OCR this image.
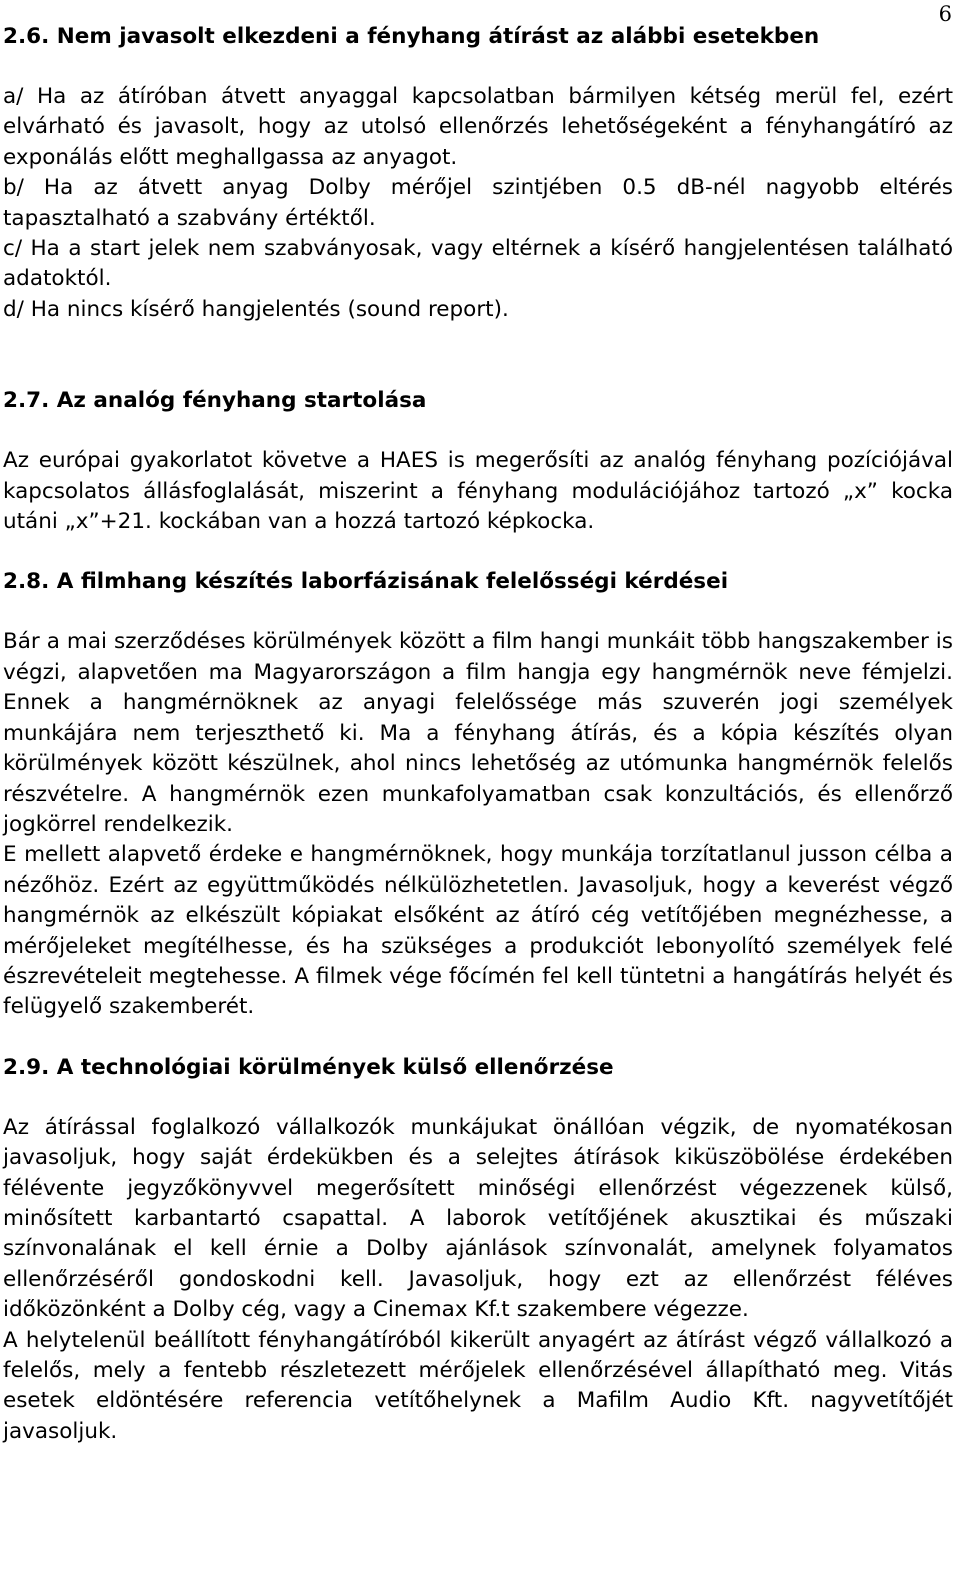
6
2.6. Nem javasolt elkezdeni a fényhang átírást az alábbi esetekben

a/ Ha az átíróban átvett anyaggal kapcsolatban bármilyen kétség merül fel, ezért elvárható és javasolt, hogy az utolsó ellenőrzés lehetőségeként a fényhangátíró az exponálás előtt meghallgassa az anyagot.

b/ Ha az átvett anyag Dolby mérőjel szintjében 0.5 dB-nél nagyobb eltérés tapasztalható a szabvány értéktől.

c/ Ha a start jelek nem szabványosak, vagy eltérnek a kísérő hangjelentésen található adatoktól.

d/ Ha nincs kísérő hangjelentés (sound report).

2.7. Az analóg fényhang startolása

Az európai gyakorlatot követve a HAES is megerősíti az analóg fényhang pozíciójával kapcsolatos állásfoglalását, miszerint a fényhang modulációjához tartozó „x” kocka utáni „x”+21. kockában van a hozzá tartozó képkocka.

2.8. A filmhang készítés laborfázisának felelősségi kérdései

Bár a mai szerződéses körülmények között a film hangi munkáit több hangszakember is végzi, alapvetően ma Magyarországon a film hangja egy hangmérnök neve fémjelzi. Ennek a hangmérnöknek az anyagi felelőssége más szuverén jogi személyek munkájára nem terjeszthető ki. Ma a fényhang átírás, és a kópia készítés olyan körülmények között készülnek, ahol nincs lehetőség az utómunka hangmérnök felelős részvételre. A hangmérnök ezen munkafolyamatban csak konzultációs, és ellenőrző jogkörrel rendelkezik.

E mellett alapvető érdeke e hangmérnöknek, hogy munkája torzítatlanul jusson célba a nézőhöz. Ezért az együttműködés nélkülözhetetlen. Javasoljuk, hogy a keverést végző hangmérnök az elkészült kópiakat elsőként az átíró cég vetítőjében megnézhesse, a mérőjeleket megítélhesse, és ha szükséges a produkciót lebonyolító személyek felé észrevételeit megtehesse. A filmek vége főcímén fel kell tüntetni a hangátírás helyét és felügyelő szakemberét.

2.9. A technológiai körülmények külső ellenőrzése

Az átírással foglalkozó vállalkozók munkájukat önállóan végzik, de nyomatékosan javasoljuk, hogy saját érdekükben és a selejtes átírások kiküszöbölése érdekében félévente jegyzőkönyvvel megerősített minőségi ellenőrzést végezzenek külső, minősített karbantartó csapattal. A laborok vetítőjének akusztikai és műszaki színvonalának el kell érnie a Dolby ajánlások színvonalát, amelynek folyamatos ellenőrzéséről gondoskodni kell. Javasoljuk, hogy ezt az ellenőrzést féléves időközönként a Dolby cég, vagy a Cinemax Kf.t szakembere végezze.

A helytelenül beállított fényhangátíróból kikerült anyagért az átírást végző vállalkozó a felelős, mely a fentebb részletezett mérőjelek ellenőrzésével állapítható meg. Vitás esetek eldöntésére referencia vetítőhelynek a Mafilm Audio Kft. nagyvetítőjét javasoljuk.
